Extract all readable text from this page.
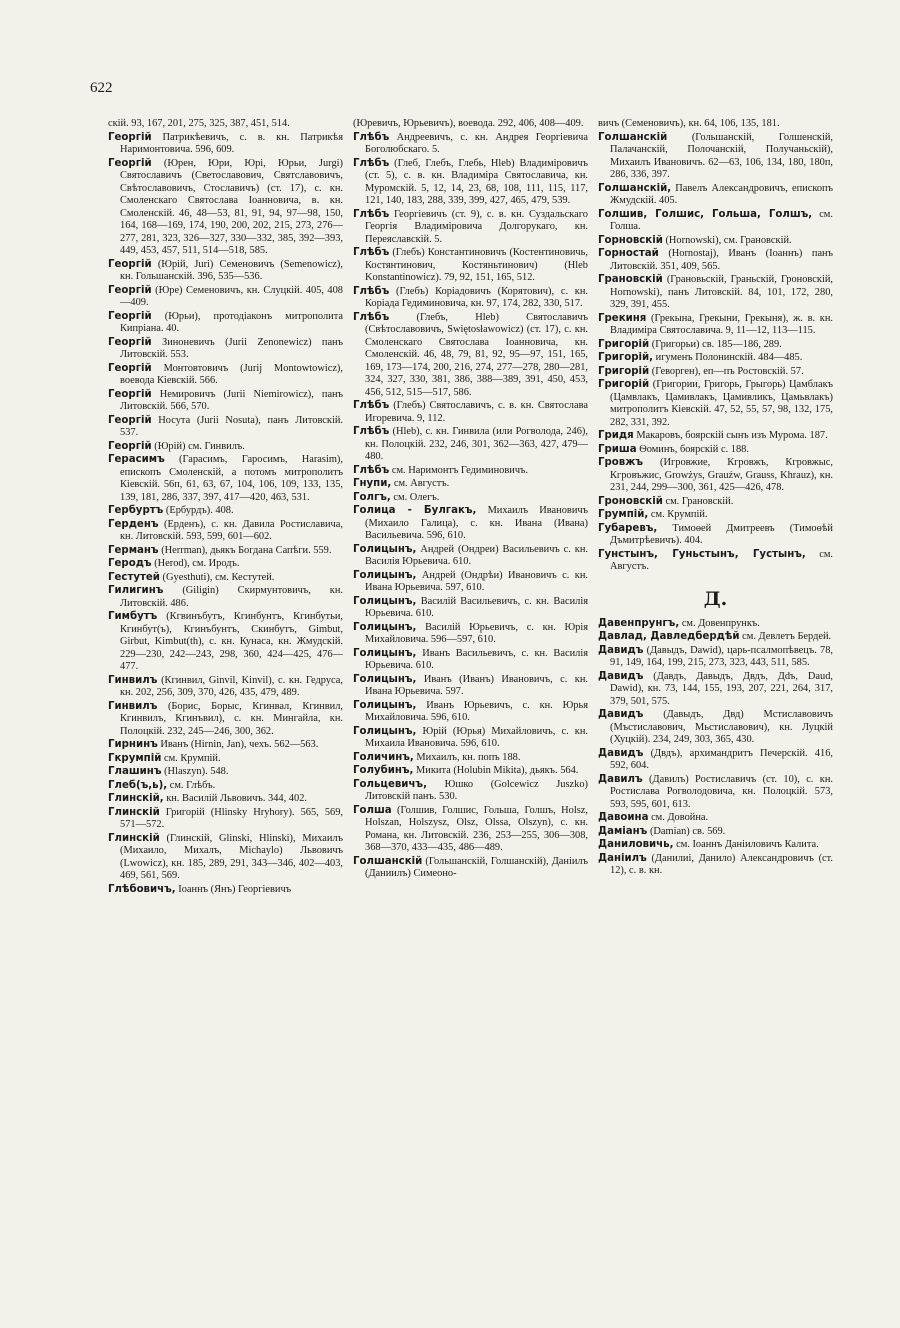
622

скій. 93, 167, 201, 275, 325, 387, 451, 514.

Георгій Патрикѣевичъ, с. в. кн. Патрикѣя Наримонтовича. 596, 609.

Георгій (Юрен, Юри, Юрі, Юрьи, Jurgi) Святославичъ (Светославович, Святславовичъ, Свѣтославовичъ, Стославичъ) (ст. 17), с. кн. Смоленскаго Святослава Іоанновича, в. кн. Смоленскій. 46, 48—53, 81, 91, 94, 97—98, 150, 164, 168—169, 174, 190, 200, 202, 215, 273, 276—277, 281, 323, 326—327, 330—332, 385, 392—393, 449, 453, 457, 511, 514—518, 585.

Георгій (Юрій, Juri) Семеновичъ (Semenowicz), кн. Гольшанскій. 396, 535—536.

Георгій (Юре) Семеновичъ, кн. Слуцкій. 405, 408—409.

Георгій (Юрьи), протодіаконъ митрополита Кипріана. 40.

Георгій Зиноневичъ (Jurii Zenonewicz) панъ Литовскій. 553.

Георгій Монтовтовичъ (Jurij Montowtowicz), воевода Кіевскій. 566.

Георгій Немировичъ (Jurii Niemirowicz), панъ Литовскій. 566, 570.

Георгій Носута (Jurii Nosuta), панъ Литовскій. 537.

Георгій (Юрій) см. Гинвилъ.

Герасимъ (Гарасимъ, Гаросимъ, Harasim), епископъ Смоленскій, а потомъ митрополитъ Кіевскій. 56п, 61, 63, 67, 104, 106, 109, 133, 135, 139, 181, 286, 337, 397, 417—420, 463, 531.

Гербуртъ (Ербурдъ). 408.

Герденъ (Ерденъ), с. кн. Давила Ростиславича, кн. Литовскій. 593, 599, 601—602.

Германъ (Herrman), дьякъ Богдана Сапѣги. 559.

Геродъ (Herod), см. Иродъ.

Гестутей (Gyesthuti), см. Кестутей.

Гилигинъ (Giligin) Скирмунтовичъ, кн. Литовскій. 486.

Гимбутъ (Кгвинъбутъ, Кгинбунтъ, Кгинбутьи, Кгинбут(ъ), Кгинъбунтъ, Скинбутъ, Gimbut, Girbut, Kimbut(th), с. кн. Кунаса, кн. Жмудскій. 229—230, 242—243, 298, 360, 424—425, 476—477.

Гинвилъ (Кгинвил, Ginvil, Kinvil), с. кн. Гедруса, кн. 202, 256, 309, 370, 426, 435, 479, 489.

Гинвилъ (Борис, Борыс, Кгинвал, Кгинвил, Кгинвилъ, Кгинъвил), с. кн. Мингайла, кн. Полоцкій. 232, 245—246, 300, 362.

Гирнинъ Иванъ (Hirnin, Jan), чехъ. 562—563.

Гкрумпій см. Крумпій.

Глашинъ (Hlaszyn). 548.

Глеб(ъ,ь), см. Глѣбъ.

Глинскій, кн. Василій Львовичъ. 344, 402.

Глинскій Григорій (Hlinsky Hryhory). 565, 569, 571—572.

Глинскій (Глинскій, Glinski, Hlinski), Михаилъ (Михаило, Михалъ, Michaylo) Львовичъ (Lwowicz), кн. 185, 289, 291, 343—346, 402—403, 469, 561, 569.

Глѣбовичъ, Іоаннъ (Янъ) Георгіевичъ

(Юревичъ, Юрьевичъ), воевода. 292, 406, 408—409.

Глѣбъ Андреевичъ, с. кн. Андрея Георгіевича Боголюбскаго. 5.

Глѣбъ (Глеб, Глебъ, Глебь, Hleb) Владиміровичъ (ст. 5), с. в. кн. Владиміра Святославича, кн. Муромскій. 5, 12, 14, 23, 68, 108, 111, 115, 117, 121, 140, 183, 288, 339, 399, 427, 465, 479, 539.

Глѣбъ Георгіевичъ (ст. 9), с. в. кн. Суздальскаго Георгія Владиміровича Долгорукаго, кн. Переяславскій. 5.

Глѣбъ (Глебъ) Константиновичъ (Костентиновичь, Костянтинович, Костяньтинович) (Hleb Konstantinowicz). 79, 92, 151, 165, 512.

Глѣбъ (Глебъ) Коріадовичъ (Корятович), с. кн. Коріада Гедиминовича, кн. 97, 174, 282, 330, 517.

Глѣбъ	(Глебъ, Hleb) Святославичъ (Свѣтославовичъ, Swiętosławowicz) (ст. 17), с. кн. Смоленскаго Святослава Іоанновича, кн. Смоленскій. 46, 48, 79, 81, 92, 95—97, 151, 165, 169, 173—174, 200, 216, 274, 277—278, 280—281, 324, 327, 330, 381, 386, 388—389, 391, 450, 453, 456, 512, 515—517, 586.

Глѣбъ (Глебъ) Святославичъ, с. в. кн. Святослава Игоревича. 9, 112.

Глѣбъ (Hleb), с. кн. Гинвила (или Рогволода, 246), кн. Полоцкій. 232, 246, 301, 362—363, 427, 479—480.

Глѣбъ см. Наримонтъ Гедиминовичъ.

Гнупи, см. Августъ.

Голгъ, см. Олегъ.

Голица - Булгакъ, Михаилъ Ивановичъ (Михаило Галица), с. кн. Ивана (Ивана) Васильевича. 596, 610.

Голицынъ, Андрей (Ондреи) Васильевичъ с. кн. Василія Юрьевича. 610.

Голицынъ, Андрей (Ондрѣи) Ивановичъ с. кн. Ивана Юрьевича. 597, 610.

Голицынъ, Василій Васильевичъ, с. кн. Василія Юрьевича. 610.

Голицынъ, Василій Юрьевичъ, с. кн. Юрія Михайловича. 596—597, 610.

Голицынъ, Иванъ Васильевичъ, с. кн. Василія Юрьевича. 610.

Голицынъ, Иванъ (Иванъ) Ивановичъ, с. кн. Ивана Юрьевича. 597.

Голицынъ, Иванъ Юрьевичъ, с. кн. Юрья Михайловича. 596, 610.

Голицынъ, Юрій (Юрья) Михайловичъ, с. кн. Михаила Ивановича. 596, 610.

Голичинъ, Михаилъ, кн. попъ 188.

Голубинъ, Микита (Holubin Mikita), дьякъ. 564.

Гольцевичъ, Юшко (Golcewicz Juszko) Литовскій панъ. 530.

Голша (Голшив, Голшис, Гольша, Голшъ, Holsz, Holszan, Holszysz, Olsz, Olssa, Olszyn), с. кн. Романа, кн. Литовскій. 236, 253—255, 306—308, 368—370, 433—435, 486—489.

Голшанскій (Гольшанскій, Голшанскій), Даніилъ (Даниилъ) Симеоно-

вичъ (Семеновичъ), кн. 64, 106, 135, 181.

Голшанскій (Гольшанскій, Голшенскій, Палачанскій, Полочанскій, Получаньскій), Михаилъ Ивановичъ. 62—63, 106, 134, 180, 180п, 286, 336, 397.

Голшанскій, Павелъ Александровичъ, епископъ Жмудскій. 405.

Голшив, Голшис, Гольша, Голшъ, см. Голша.

Горновскій (Hornowski), см. Грановскій.

Горностай (Hornostaj), Иванъ (Іоаннъ) панъ Литовскій. 351, 409, 565.

Грановскій (Грановьскій, Граньскій, Гроновскій, Hornowski), панъ Литовскій. 84, 101, 172, 280, 329, 391, 455.

Грекиня (Грекына, Грекыни, Грекыня), ж. в. кн. Владиміра Святославича. 9, 11—12, 113—115.

Григорій (Григорьи) св. 185—186, 289.

Григорій, игуменъ Полонинскій. 484—485.

Григорій (Геворген), еп—пъ Ростовскій. 57.

Григорій (Григории, Григорь, Грыгорь) Цамблакъ (Цамвлакъ, Цамивлакъ, Цамивликъ, Цамьвлакъ) митрополитъ Кіевскій. 47, 52, 55, 57, 98, 132, 175, 282, 331, 392.

Гридя Макаровъ, боярскій сынъ изъ Мурома. 187.

Гриша Ѳоминъ, боярскій с. 188.

Гровжъ (Игровжие, Кгровжъ, Кгровжыс, Кгровъжис, Growżys, Grauźw, Grauss, Khrauz), кн. 231, 244, 299—300, 361, 425—426, 478.

Гроновскій см. Грановскій.

Грумпій, см. Крумпій.

Губаревъ, Тимоѳей Дмитреевъ (Тимоѳѣй Дъмитрѣевичъ). 404.

Гунстынъ, Гуньстынъ, Густынъ, см. Августъ.

Д.

Давенпрунгъ, см. Довенпрункъ.

Давлад, Давледбердѣй см. Девлетъ Бердей.

Давидъ (Давыдъ, Dawid), царь-псалмопѣвецъ. 78, 91, 149, 164, 199, 215, 273, 323, 443, 511, 585.

Давидъ (Давдъ, Давыдъ, Двдъ, Дdъ, Daud, Dawid), кн. 73, 144, 155, 193, 207, 221, 264, 317, 379, 501, 575.

Давидъ (Давыдъ, Двд) Мстиславовичъ (Мъстиславович, Мьстиславович), кн. Луцкій (Хуцкій). 234, 249, 303, 365, 430.

Давидъ (Двдъ), архимандритъ Печерскій. 416, 592, 604.

Давилъ (Давилъ) Ростиславичъ (ст. 10), с. кн. Ростислава Рогволодовича, кн. Полоцкій. 573, 593, 595, 601, 613.

Давоина см. Довойна.

Даміанъ (Damian) св. 569.

Даниловичь, см. Іоаннъ Даніиловичъ Калита.

Даніилъ (Данилиі, Данило) Александровичъ (ст. 12), с. в. кн.
